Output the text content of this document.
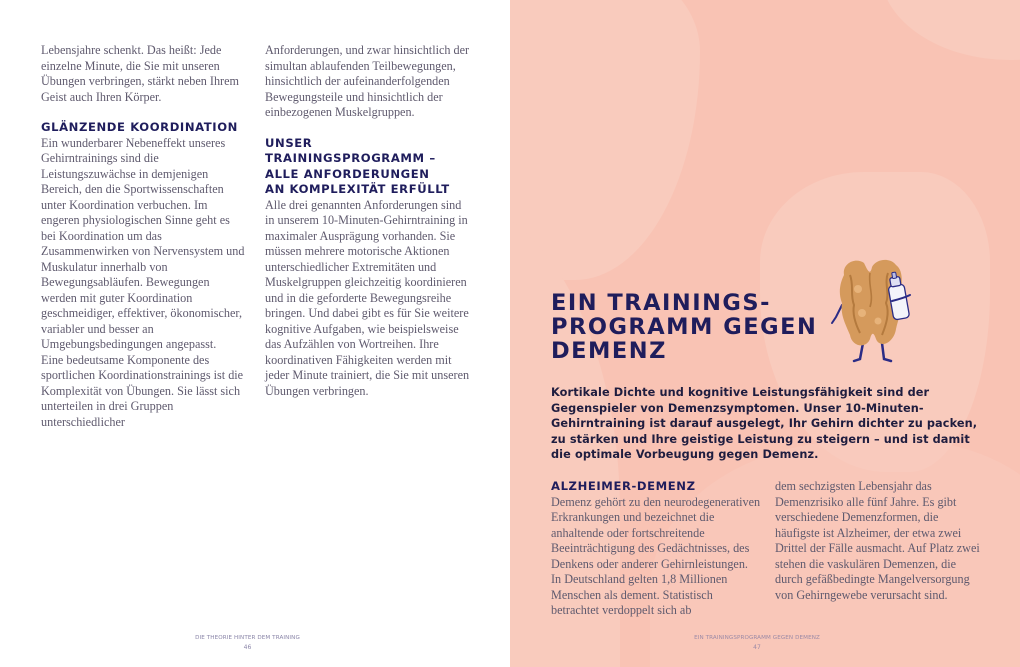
Lebensjahre schenkt. Das heißt: Jede einzelne Minute, die Sie mit unseren Übungen verbringen, stärkt neben Ihrem Geist auch Ihren Körper.

GLÄNZENDE KOORDINATION

Ein wunderbarer Nebeneffekt unseres Gehirntrainings sind die Leistungszuwächse in demjenigen Bereich, den die Sportwissenschaften unter Koordination verbuchen. Im engeren physiologischen Sinne geht es bei Koordination um das Zusammenwirken von Nervensystem und Muskulatur innerhalb von Bewegungsabläufen. Bewegungen werden mit guter Koordination geschmeidiger, effektiver, ökonomischer, variabler und besser an Umgebungsbedingungen angepasst.

Eine bedeutsame Komponente des sportlichen Koordinationstrainings ist die Komplexität von Übungen. Sie lässt sich unterteilen in drei Gruppen unterschiedlicher

Anforderungen, und zwar hinsichtlich der simultan ablaufenden Teilbewegungen, hinsichtlich der aufeinanderfolgenden Bewegungsteile und hinsichtlich der einbezogenen Muskelgruppen.

UNSER TRAININGSPROGRAMM –
ALLE ANFORDERUNGEN
AN KOMPLEXITÄT ERFÜLLT

Alle drei genannten Anforderungen sind in unserem 10-Minuten-Gehirntraining in maximaler Ausprägung vorhanden. Sie müssen mehrere motorische Aktionen unterschiedlicher Extremitäten und Muskelgruppen gleichzeitig koordinieren und in die geforderte Bewegungsreihe bringen. Und dabei gibt es für Sie weitere kognitive Aufgaben, wie beispielsweise das Aufzählen von Wortreihen. Ihre koordinativen Fähigkeiten werden mit jeder Minute trainiert, die Sie mit unseren Übungen verbringen.

DIE THEORIE HINTER DEM TRAINING
46
EIN TRAININGS-
PROGRAMM GEGEN
DEMENZ
Kortikale Dichte und kognitive Leistungsfähigkeit sind der Gegenspieler von Demenzsymptomen. Unser 10-Minuten-Gehirntraining ist darauf ausgelegt, Ihr Gehirn dichter zu packen, zu stärken und Ihre geistige Leistung zu steigern – und ist damit die optimale Vorbeugung gegen Demenz.
ALZHEIMER-DEMENZ

Demenz gehört zu den neurodegenerativen Erkrankungen und bezeichnet die anhaltende oder fortschreitende Beeinträchtigung des Gedächtnisses, des Denkens oder anderer Gehirnleistungen. In Deutschland gelten 1,8 Millionen Menschen als dement. Statistisch betrachtet verdoppelt sich ab

dem sechzigsten Lebensjahr das Demenzrisiko alle fünf Jahre. Es gibt verschiedene Demenzformen, die häufigste ist Alzheimer, der etwa zwei Drittel der Fälle ausmacht. Auf Platz zwei stehen die vaskulären Demenzen, die durch gefäßbedingte Mangelversorgung von Gehirngewebe verursacht sind.

EIN TRAININGSPROGRAMM GEGEN DEMENZ
47
